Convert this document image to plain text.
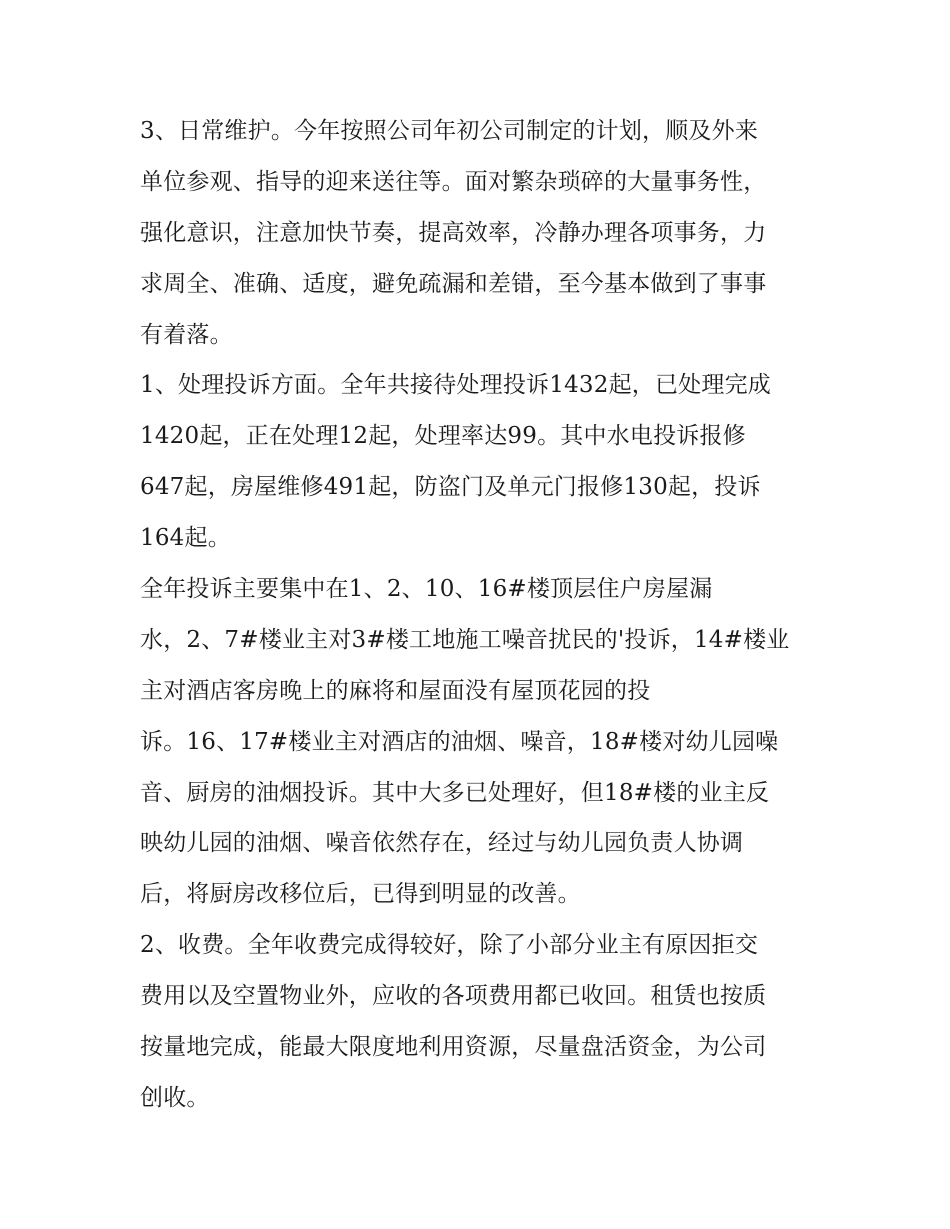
3、日常维护。今年按照公司年初公司制定的计划，顺及外来
单位参观、指导的迎来送往等。面对繁杂琐碎的大量事务性，
强化意识，注意加快节奏，提高效率，冷静办理各项事务，力
求周全、准确、适度，避免疏漏和差错，至今基本做到了事事
有着落。
1、处理投诉方面。全年共接待处理投诉1432起，已处理完成
1420起，正在处理12起，处理率达99。其中水电投诉报修
647起，房屋维修491起，防盗门及单元门报修130起，投诉
164起。
全年投诉主要集中在1、2、10、16#楼顶层住户房屋漏
水，2、7#楼业主对3#楼工地施工噪音扰民的'投诉，14#楼业
主对酒店客房晚上的麻将和屋面没有屋顶花园的投
诉。16、17#楼业主对酒店的油烟、噪音，18#楼对幼儿园噪
音、厨房的油烟投诉。其中大多已处理好，但18#楼的业主反
映幼儿园的油烟、噪音依然存在，经过与幼儿园负责人协调
后，将厨房改移位后，已得到明显的改善。
2、收费。全年收费完成得较好，除了小部分业主有原因拒交
费用以及空置物业外，应收的各项费用都已收回。租赁也按质
按量地完成，能最大限度地利用资源，尽量盘活资金，为公司
创收。
